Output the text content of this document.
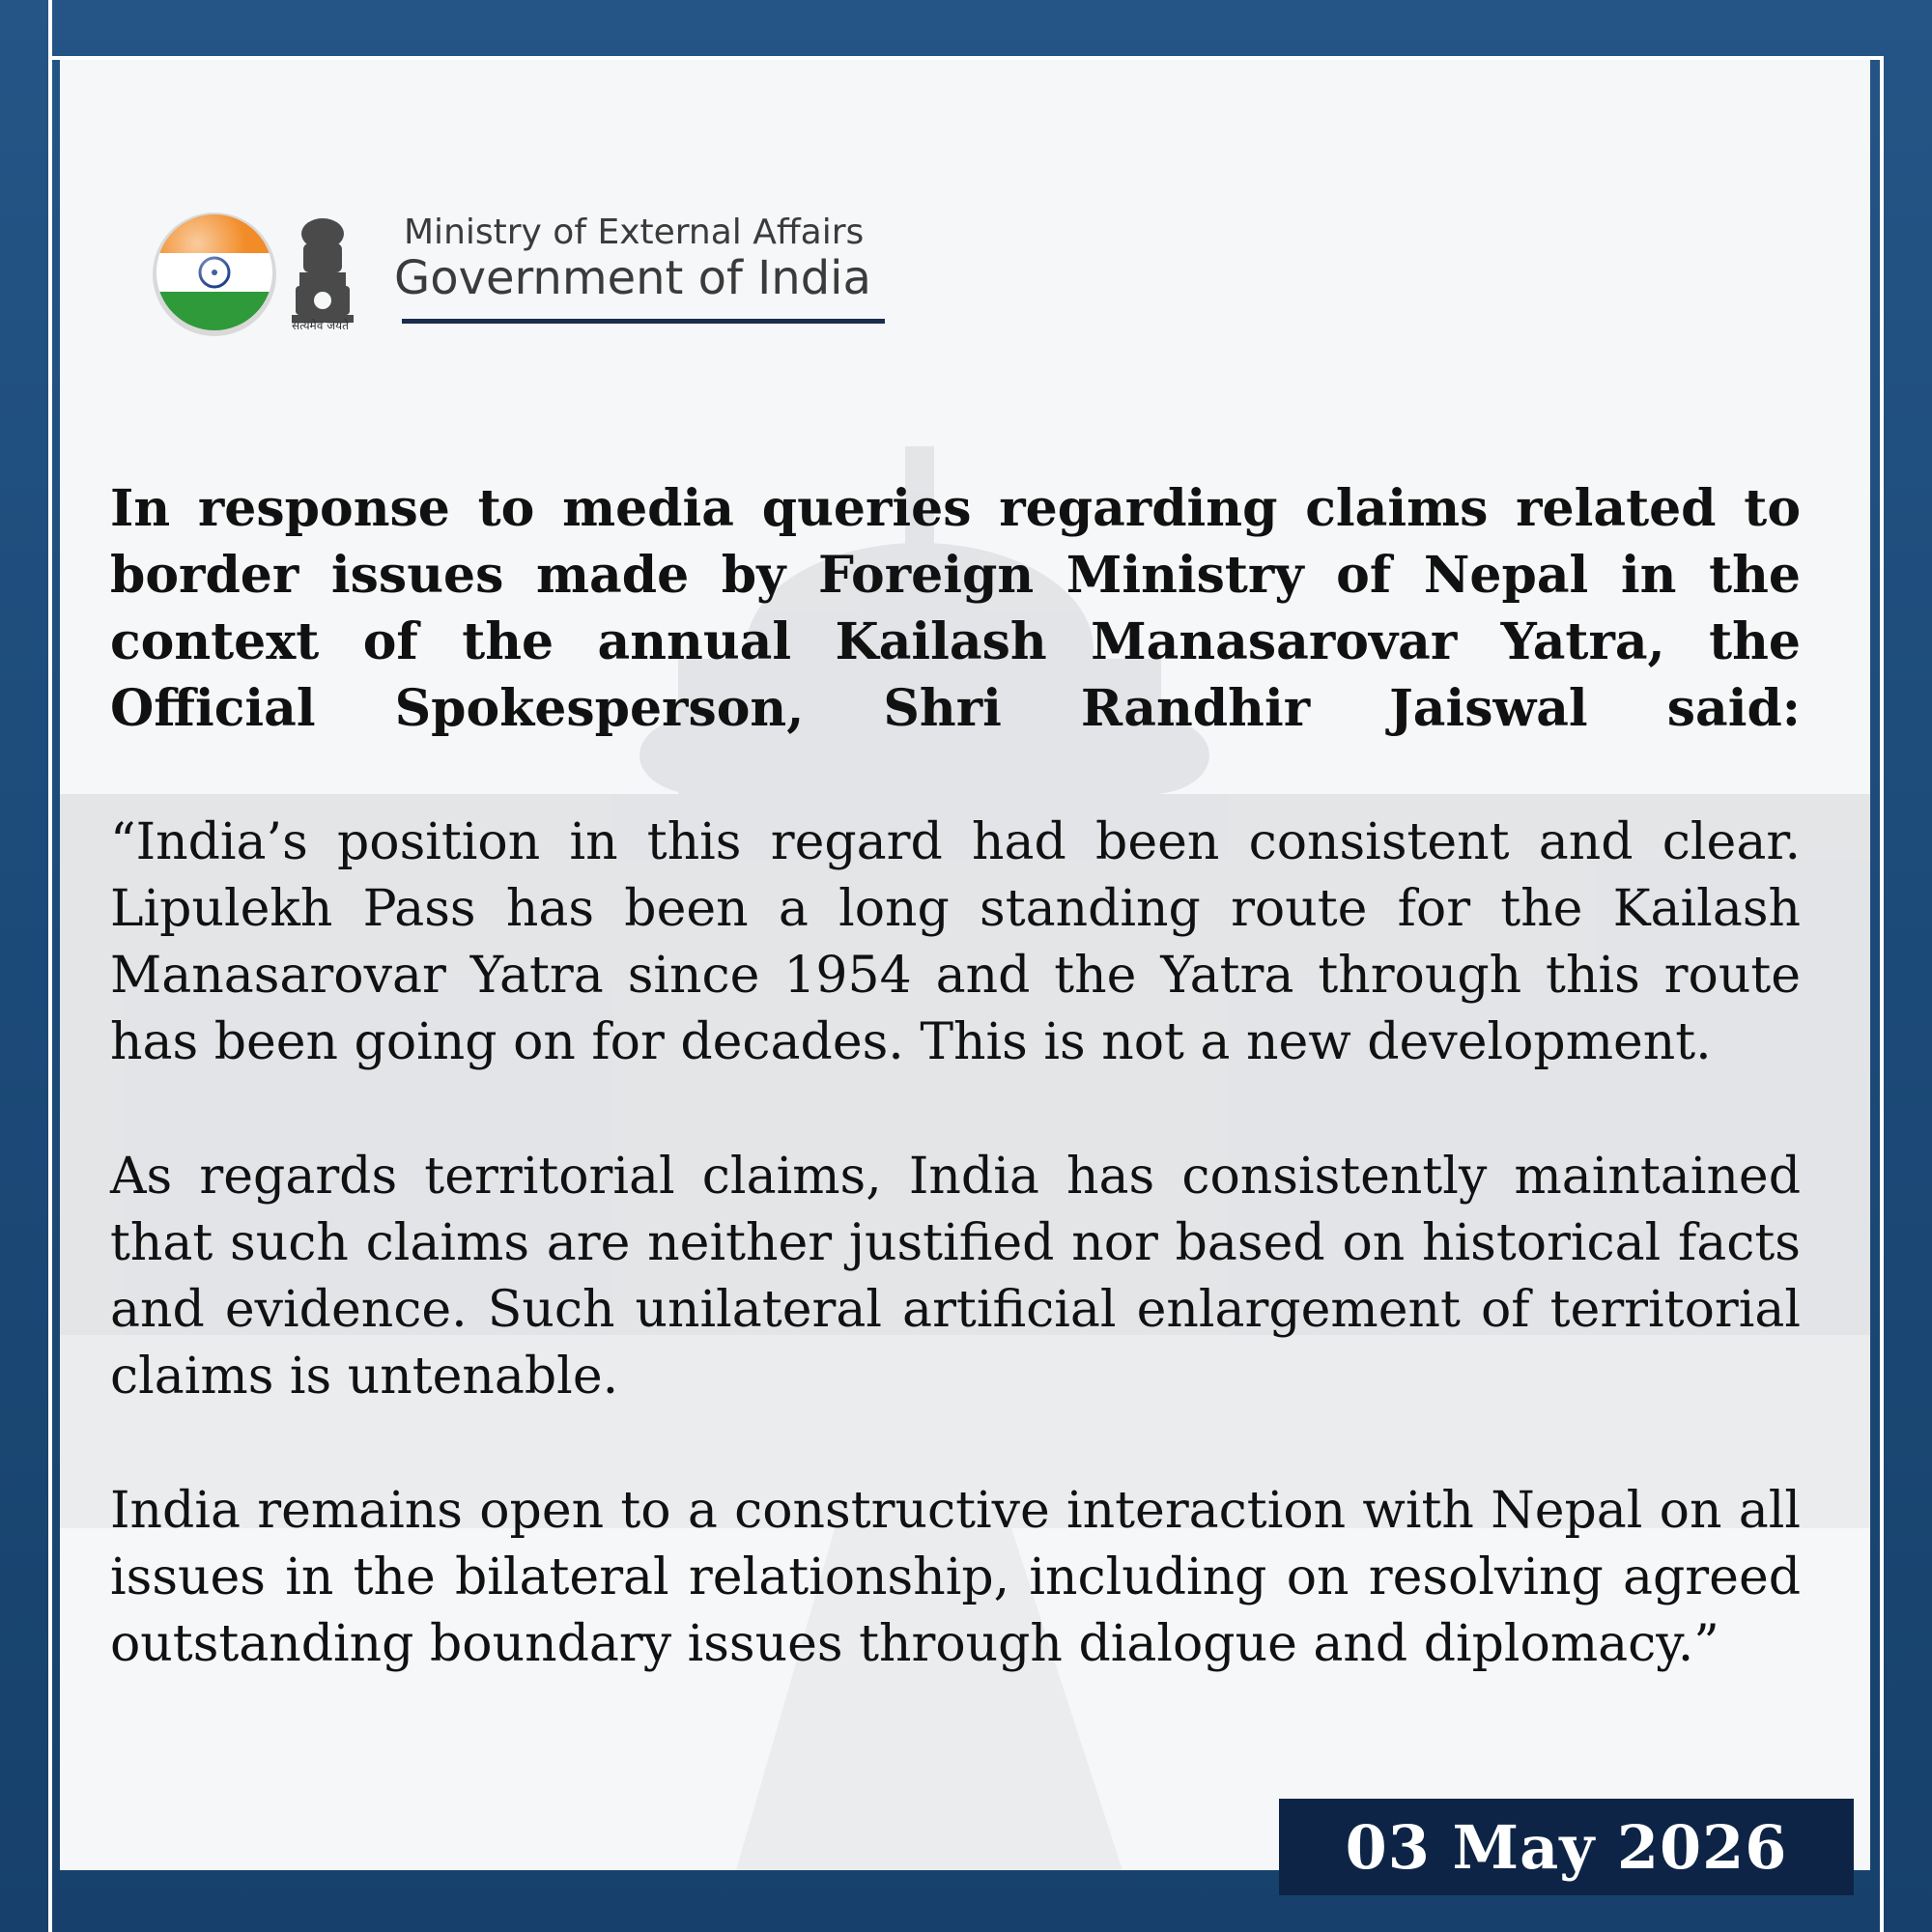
Ministry of External Affairs

Government of India

सत्यमेव जयते

In response to media queries regarding claims related to border issues made by Foreign Ministry of Nepal in the context of the annual Kailash Manasarovar Yatra, the Official Spokesperson, Shri Randhir Jaiswal said:

“India’s position in this regard had been consistent and clear. Lipulekh Pass has been a long standing route for the Kailash Manasarovar Yatra since 1954 and the Yatra through this route has been going on for decades. This is not a new development.

As regards territorial claims, India has consistently maintained that such claims are neither justified nor based on historical facts and evidence. Such unilateral artificial enlargement of territorial claims is untenable.

India remains open to a constructive interaction with Nepal on all issues in the bilateral relationship, including on resolving agreed outstanding boundary issues through dialogue and diplomacy.”

03 May 2026
